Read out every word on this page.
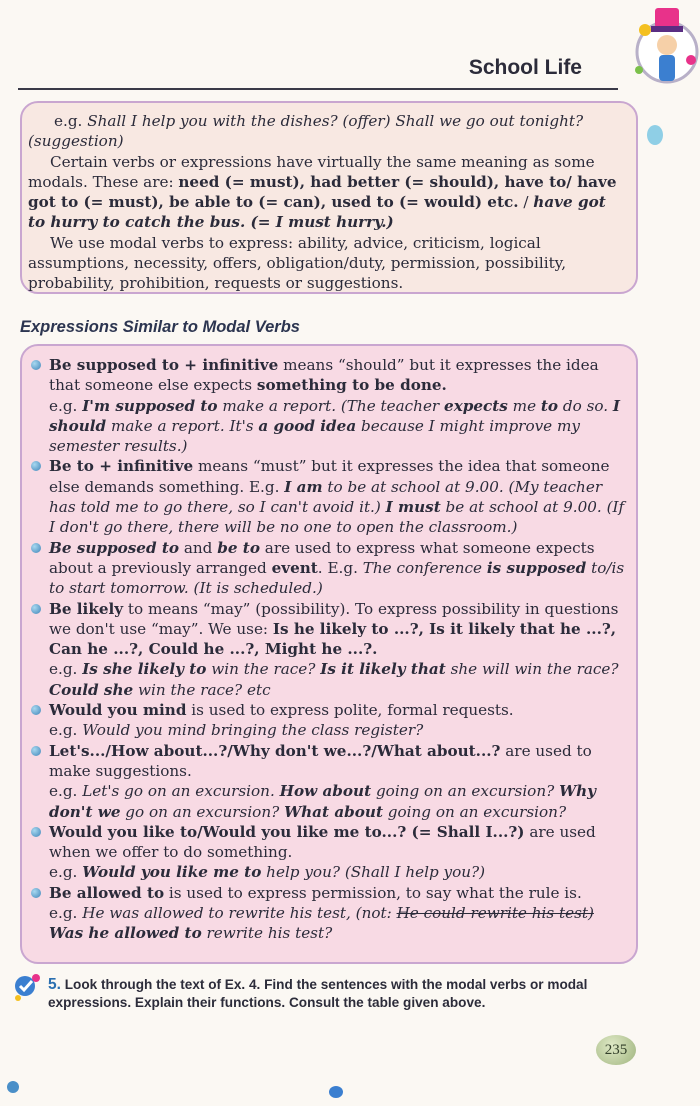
School Life

e.g. Shall I help you with the dishes? (offer) Shall we go out tonight? (suggestion)

Certain verbs or expressions have virtually the same meaning as some modals. These are: need (= must), had better (= should), have to/ have got to (= must), be able to (= can), used to (= would) etc. / have got to hurry to catch the bus. (= I must hurry.)

We use modal verbs to express: ability, advice, criticism, logical assumptions, necessity, offers, obligation/duty, permission, possibility, probability, prohibition, requests or suggestions.

Expressions Similar to Modal Verbs

Be supposed to + infinitive means “should” but it expresses the idea that someone else expects something to be done.

e.g. I'm supposed to make a report. (The teacher expects me to do so. I should make a report. It's a good idea because I might improve my semester results.)

Be to + infinitive means “must” but it expresses the idea that someone else demands something. E.g. I am to be at school at 9.00. (My teacher has told me to go there, so I can't avoid it.) I must be at school at 9.00. (If I don't go there, there will be no one to open the classroom.)

Be supposed to and be to are used to express what someone expects about a previously arranged event. E.g. The conference is supposed to/is to start tomorrow. (It is scheduled.)

Be likely to means “may” (possibility). To express possibility in questions we don't use “may”. We use: Is he likely to ...?, Is it likely that he ...?, Can he ...?, Could he ...?, Might he ...?.

e.g. Is she likely to win the race? Is it likely that she will win the race? Could she win the race? etc

Would you mind is used to express polite, formal requests.

e.g. Would you mind bringing the class register?

Let's.../How about...?/Why don't we...?/What about...? are used to make suggestions.

e.g. Let's go on an excursion. How about going on an excursion? Why don't we go on an excursion? What about going on an excursion?

Would you like to/Would you like me to...? (= Shall I...?) are used when we offer to do something.

e.g. Would you like me to help you? (Shall I help you?)

Be allowed to is used to express permission, to say what the rule is.

e.g. He was allowed to rewrite his test, (not: He could rewrite his test) Was he allowed to rewrite his test?

5. Look through the text of Ex. 4. Find the sentences with the modal verbs or modal expressions. Explain their functions. Consult the table given above.
235
